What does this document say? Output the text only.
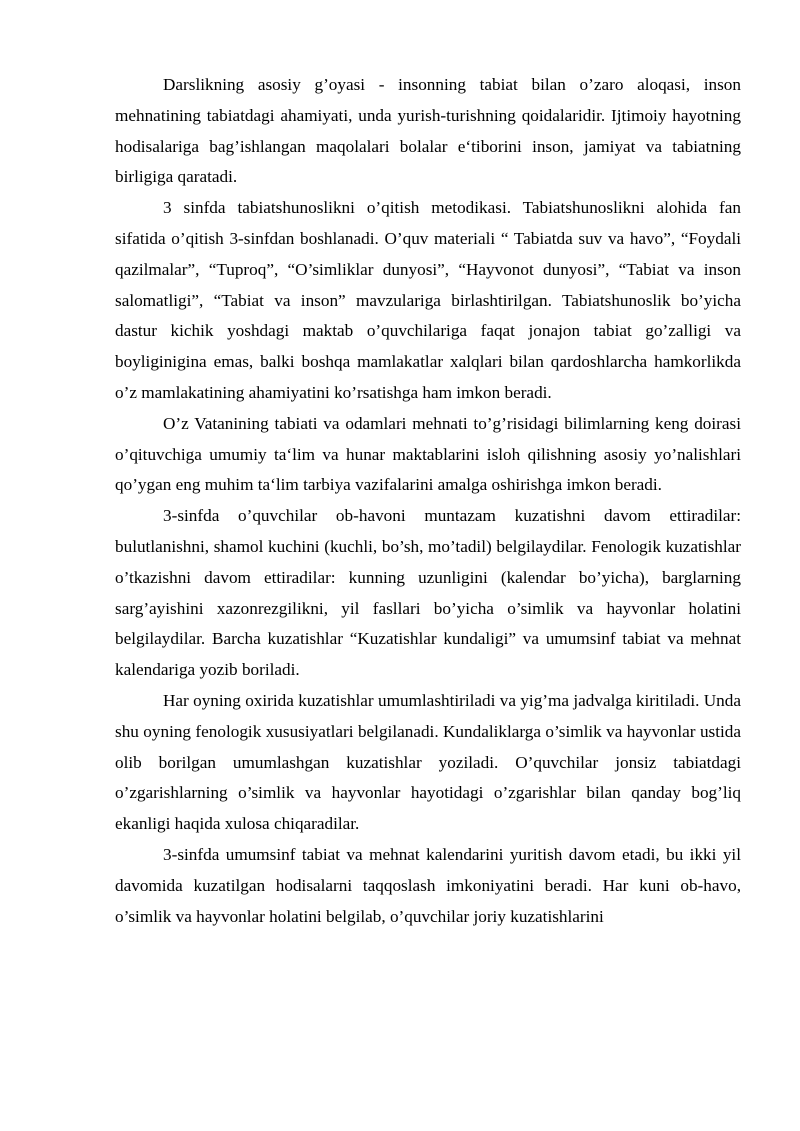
Darslikning asosiy g’oyasi - insonning tabiat bilan o’zaro aloqasi, inson mehnatining tabiatdagi ahamiyati, unda yurish-turishning qoidalaridir. Ijtimoiy hayotning hodisalariga bag’ishlangan maqolalari bolalar e‘tiborini inson, jamiyat va tabiatning birligiga qaratadi.

3 sinfda tabiatshunoslikni o’qitish metodikasi. Tabiatshunoslikni alohida fan sifatida o’qitish 3-sinfdan boshlanadi. O’quv materiali “ Tabiatda suv va havo”, “Foydali qazilmalar”, “Tuproq”, “O’simliklar dunyosi”, “Hayvonot dunyosi”, “Tabiat va inson salomatligi”, “Tabiat va inson” mavzulariga birlashtirilgan. Tabiatshunoslik bo’yicha dastur kichik yoshdagi maktab o’quvchilariga faqat jonajon tabiat go’zalligi va boyliginigina emas, balki boshqa mamlakatlar xalqlari bilan qardoshlarcha hamkorlikda o’z mamlakatining ahamiyatini ko’rsatishga ham imkon beradi.

O’z Vatanining tabiati va odamlari mehnati to’g’risidagi bilimlarning keng doirasi o’qituvchiga umumiy ta‘lim va hunar maktablarini isloh qilishning asosiy yo’nalishlari qo’ygan eng muhim ta‘lim tarbiya vazifalarini amalga oshirishga imkon beradi.

3-sinfda o’quvchilar ob-havoni muntazam kuzatishni davom ettiradilar: bulutlanishni, shamol kuchini (kuchli, bo’sh, mo’tadil) belgilaydilar. Fenologik kuzatishlar o’tkazishni davom ettiradilar: kunning uzunligini (kalendar bo’yicha), barglarning sarg’ayishini xazonrezgilikni, yil fasllari bo’yicha o’simlik va hayvonlar holatini belgilaydilar. Barcha kuzatishlar “Kuzatishlar kundaligi” va umumsinf tabiat va mehnat kalendariga yozib boriladi.

Har oyning oxirida kuzatishlar umumlashtiriladi va yig’ma jadvalga kiritiladi. Unda shu oyning fenologik xususiyatlari belgilanadi. Kundaliklarga o’simlik va hayvonlar ustida olib borilgan umumlashgan kuzatishlar yoziladi. O’quvchilar jonsiz tabiatdagi o’zgarishlarning o’simlik va hayvonlar hayotidagi o’zgarishlar bilan qanday bog’liq ekanligi haqida xulosa chiqaradilar.

3-sinfda umumsinf tabiat va mehnat kalendarini yuritish davom etadi, bu ikki yil davomida kuzatilgan hodisalarni taqqoslash imkoniyatini beradi. Har kuni ob-havo, o’simlik va hayvonlar holatini belgilab, o’quvchilar joriy kuzatishlarini
